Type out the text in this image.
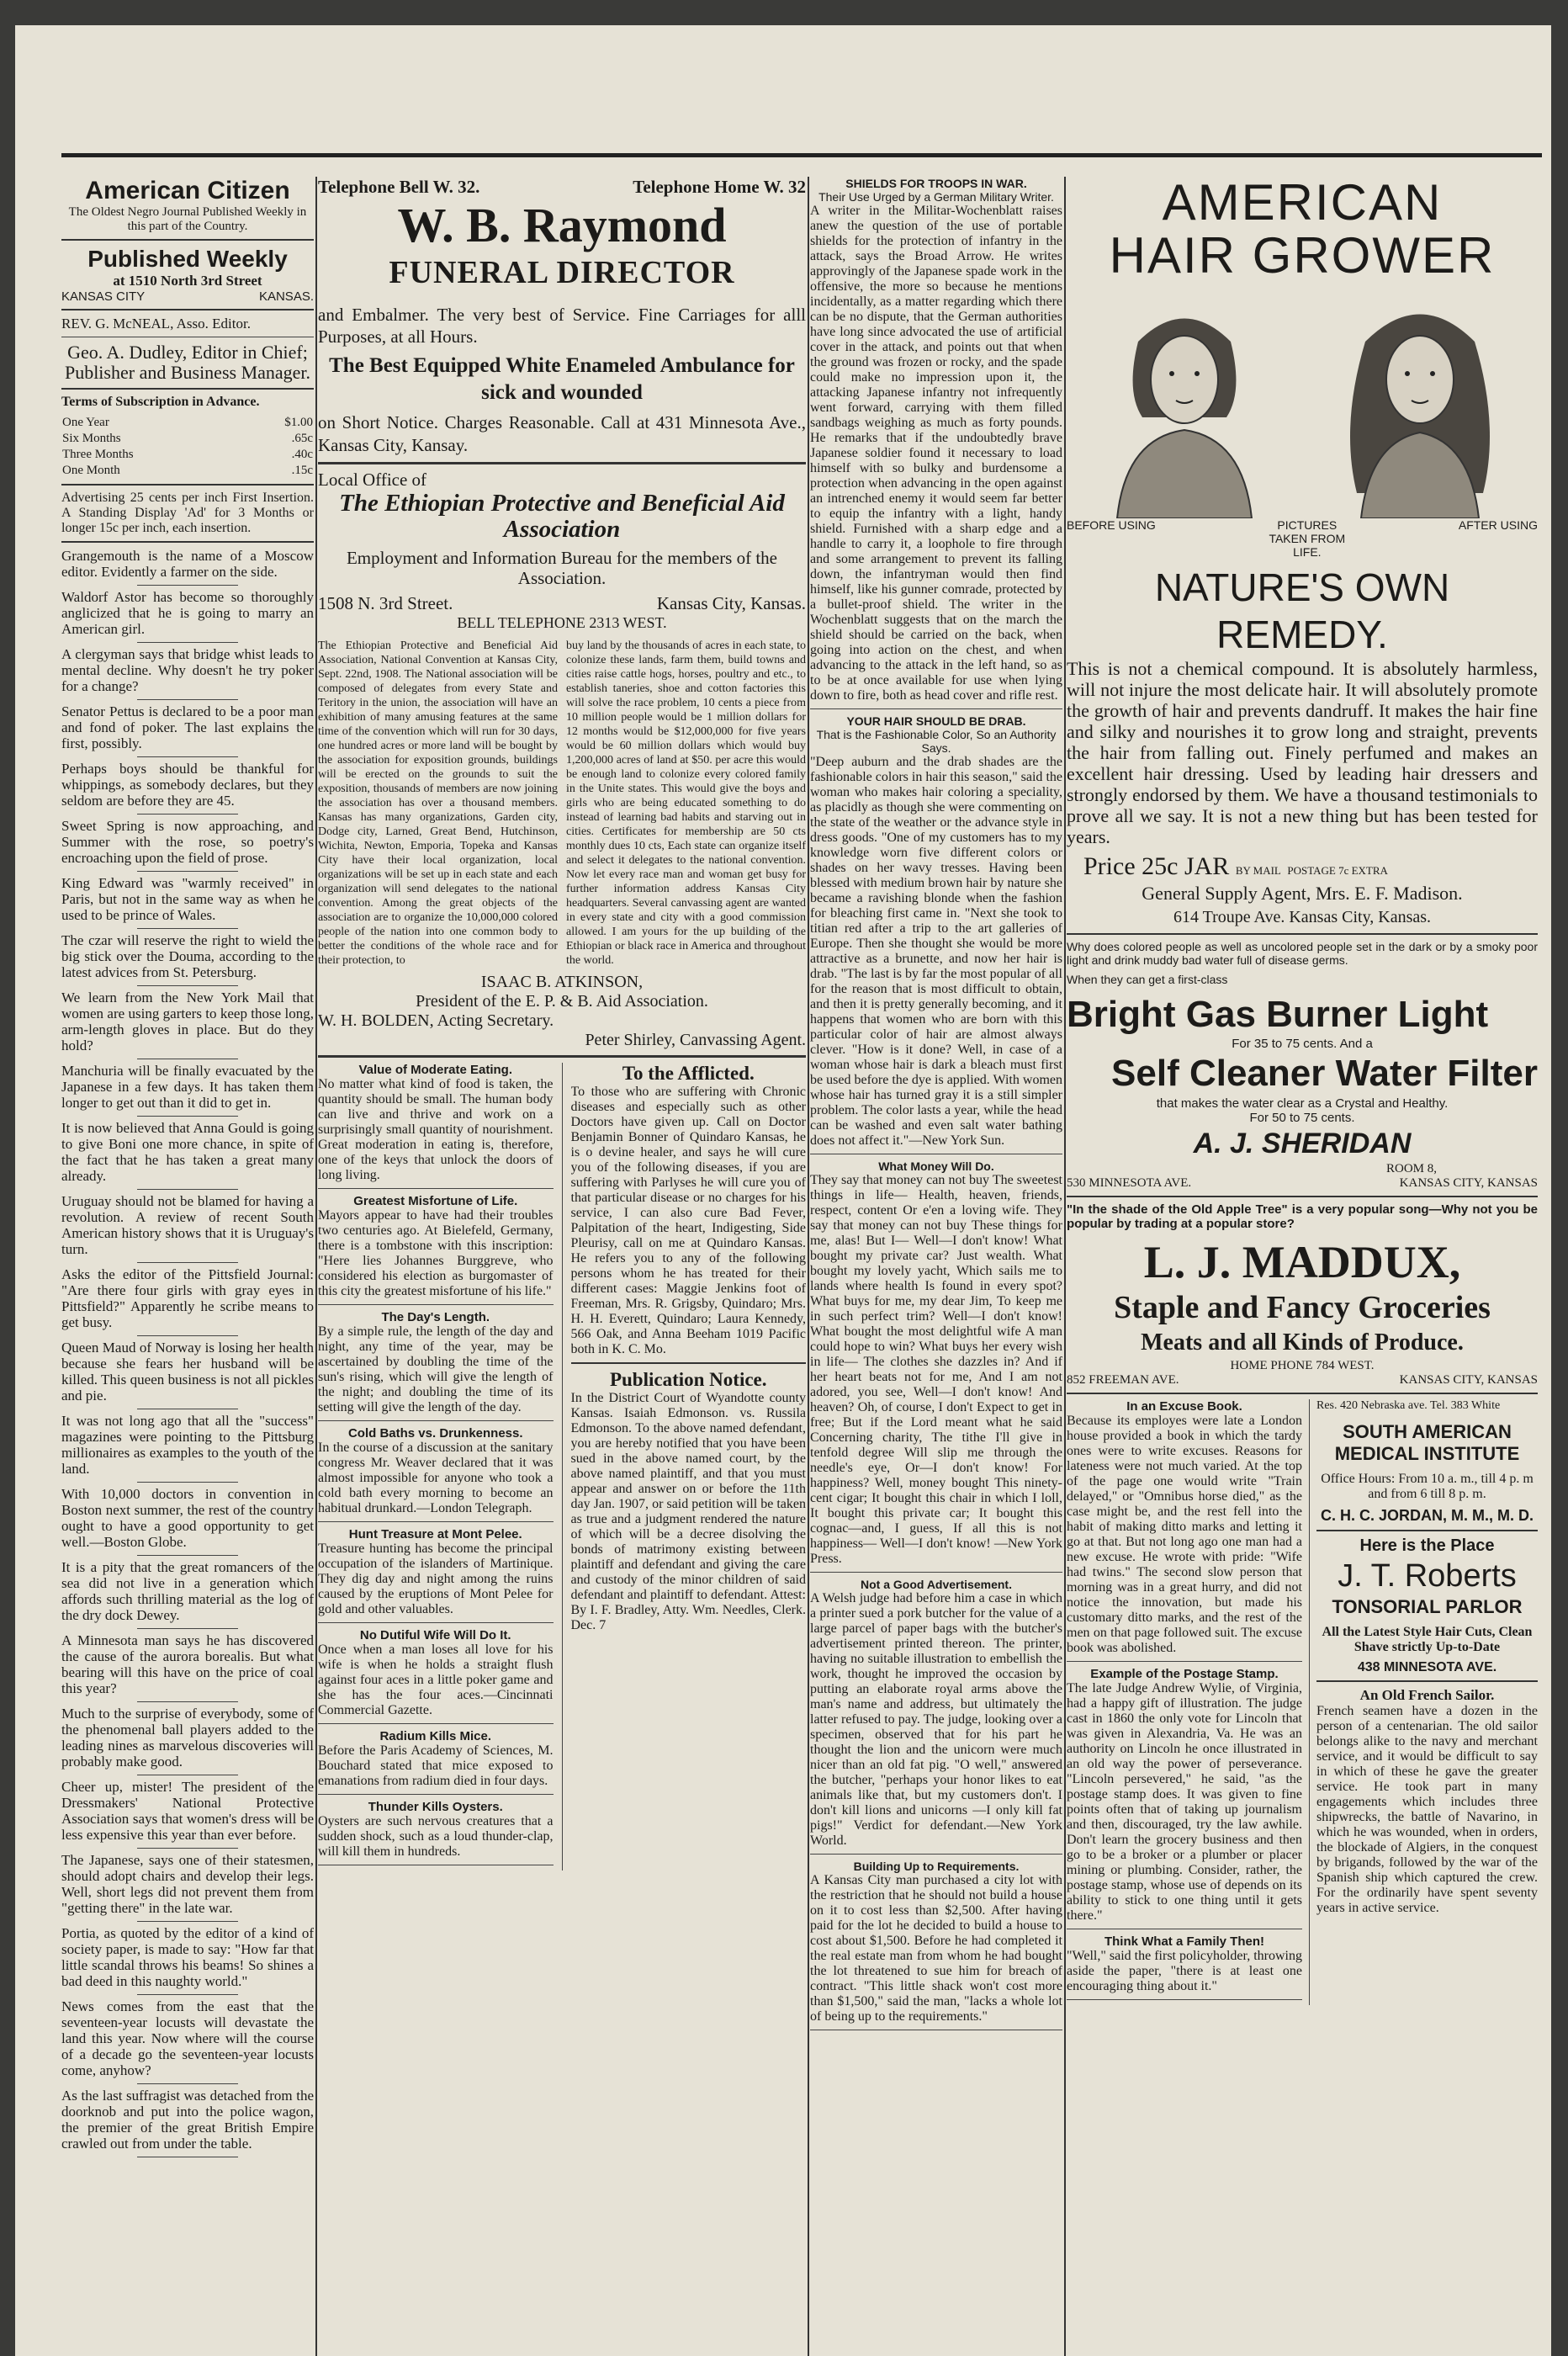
American Citizen

The Oldest Negro Journal Published Weekly in this part of the Country.

Published Weekly
at 1510 North 3rd Street
KANSAS CITY	KANSAS.

REV. G. McNEAL, Asso. Editor.

Geo. A. Dudley, Editor in Chief; Publisher and Business Manager.

Terms of Subscription in Advance.

One Year	$1.00
Six Months	.65c
Three Months	.40c
One Month	.15c

Advertising 25 cents per inch First Insertion. A Standing Display 'Ad' for 3 Months or longer 15c per inch, each insertion.

Grangemouth is the name of a Moscow editor. Evidently a farmer on the side.

Waldorf Astor has become so thoroughly anglicized that he is going to marry an American girl.

A clergyman says that bridge whist leads to mental decline. Why doesn't he try poker for a change?

Senator Pettus is declared to be a poor man and fond of poker. The last explains the first, possibly.

Perhaps boys should be thankful for whippings, as somebody declares, but they seldom are before they are 45.

Sweet Spring is now approaching, and Summer with the rose, so poetry's encroaching upon the field of prose.

King Edward was "warmly received" in Paris, but not in the same way as when he used to be prince of Wales.

The czar will reserve the right to wield the big stick over the Douma, according to the latest advices from St. Petersburg.

We learn from the New York Mail that women are using garters to keep those long, arm-length gloves in place. But do they hold?

Manchuria will be finally evacuated by the Japanese in a few days. It has taken them longer to get out than it did to get in.

It is now believed that Anna Gould is going to give Boni one more chance, in spite of the fact that he has taken a great many already.

Uruguay should not be blamed for having a revolution. A review of recent South American history shows that it is Uruguay's turn.

Asks the editor of the Pittsfield Journal: "Are there four girls with gray eyes in Pittsfield?" Apparently he scribe means to get busy.

Queen Maud of Norway is losing her health because she fears her husband will be killed. This queen business is not all pickles and pie.

It was not long ago that all the "success" magazines were pointing to the Pittsburg millionaires as examples to the youth of the land.

With 10,000 doctors in convention in Boston next summer, the rest of the country ought to have a good opportunity to get well.—Boston Globe.

It is a pity that the great romancers of the sea did not live in a generation which affords such thrilling material as the log of the dry dock Dewey.

A Minnesota man says he has discovered the cause of the aurora borealis. But what bearing will this have on the price of coal this year?

Much to the surprise of everybody, some of the phenomenal ball players added to the leading nines as marvelous discoveries will probably make good.

Cheer up, mister! The president of the Dressmakers' National Protective Association says that women's dress will be less expensive this year than ever before.

The Japanese, says one of their statesmen, should adopt chairs and develop their legs. Well, short legs did not prevent them from "getting there" in the late war.

Portia, as quoted by the editor of a kind of society paper, is made to say: "How far that little scandal throws his beams! So shines a bad deed in this naughty world."

News comes from the east that the seventeen-year locusts will devastate the land this year. Now where will the course of a decade go the seventeen-year locusts come, anyhow?

As the last suffragist was detached from the doorknob and put into the police wagon, the premier of the great British Empire crawled out from under the table.

Telephone Bell W. 32.	Telephone Home W. 32
W. B. Raymond
FUNERAL DIRECTOR

and Embalmer. The very best of Service. Fine Carriages for alll Purposes, at all Hours.

The Best Equipped White Enameled Ambulance for sick and wounded

on Short Notice. Charges Reasonable. Call at 431 Minnesota Ave., Kansas City, Kansay.

Local Office of
The Ethiopian Protective and Beneficial Aid Association
Employment and Information Bureau for the members of the Association.
1508 N. 3rd Street.	Kansas City, Kansas.
BELL TELEPHONE 2313 WEST.

The Ethiopian Protective and Beneficial Aid Association, National Convention at Kansas City, Sept. 22nd, 1908. The National association will be composed of delegates from every State and Teritory in the union, the association will have an exhibition of many amusing features at the same time of the convention which will run for 30 days, one hundred acres or more land will be bought by the association for exposition grounds, buildings will be erected on the grounds to suit the exposition, thousands of members are now joining the association has over a thousand members. Kansas has many organizations, Garden city, Dodge city, Larned, Great Bend, Hutchinson, Wichita, Newton, Emporia, Topeka and Kansas City have their local organization, local organizations will be set up in each state and each organization will send delegates to the national convention. Among the great objects of the association are to organize the 10,000,000 colored people of the nation into one common body to better the conditions of the whole race and for their protection, to

buy land by the thousands of acres in each state, to colonize these lands, farm them, build towns and cities raise cattle hogs, horses, poultry and etc., to establish taneries, shoe and cotton factories this will solve the race problem, 10 cents a piece from 10 million people would be 1 million dollars for 12 months would be $12,000,000 for five years would be 60 million dollars which would buy 1,200,000 acres of land at $50. per acre this would be enough land to colonize every colored family in the Unite states. This would give the boys and girls who are being educated something to do instead of learning bad habits and starving out in cities. Certificates for membership are 50 cts monthly dues 10 cts, Each state can organize itself and select it delegates to the national convention. Now let every race man and woman get busy for further information address Kansas City headquarters. Several canvassing agent are wanted in every state and city with a good commission allowed. I am yours for the up building of the Ethiopian or black race in America and throughout the world.

ISAAC B. ATKINSON,
President of the E. P. & B. Aid Association.
W. H. BOLDEN, Acting Secretary.
Peter Shirley, Canvassing Agent.
Value of Moderate Eating.

No matter what kind of food is taken, the quantity should be small. The human body can live and thrive and work on a surprisingly small quantity of nourishment. Great moderation in eating is, therefore, one of the keys that unlock the doors of long living.

Greatest Misfortune of Life.

Mayors appear to have had their troubles two centuries ago. At Bielefeld, Germany, there is a tombstone with this inscription: "Here lies Johannes Burggreve, who considered his election as burgomaster of this city the greatest misfortune of his life."

The Day's Length.

By a simple rule, the length of the day and night, any time of the year, may be ascertained by doubling the time of the sun's rising, which will give the length of the night; and doubling the time of its setting will give the length of the day.

Cold Baths vs. Drunkenness.

In the course of a discussion at the sanitary congress Mr. Weaver declared that it was almost impossible for anyone who took a cold bath every morning to become an habitual drunkard.—London Telegraph.

Hunt Treasure at Mont Pelee.

Treasure hunting has become the principal occupation of the islanders of Martinique. They dig day and night among the ruins caused by the eruptions of Mont Pelee for gold and other valuables.

No Dutiful Wife Will Do It.

Once when a man loses all love for his wife is when he holds a straight flush against four aces in a little poker game and she has the four aces.—Cincinnati Commercial Gazette.

Radium Kills Mice.

Before the Paris Academy of Sciences, M. Bouchard stated that mice exposed to emanations from radium died in four days.

Thunder Kills Oysters.

Oysters are such nervous creatures that a sudden shock, such as a loud thunder-clap, will kill them in hundreds.

To the Afflicted.

To those who are suffering with Chronic diseases and especially such as other Doctors have given up. Call on Doctor Benjamin Bonner of Quindaro Kansas, he is o devine healer, and says he will cure you of the following diseases, if you are suffering with Parlyses he will cure you of that particular disease or no charges for his service, I can also cure Bad Fever, Palpitation of the heart, Indigesting, Side Pleurisy, call on me at Quindaro Kansas. He refers you to any of the following persons whom he has treated for their different cases: Maggie Jenkins foot of Freeman, Mrs. R. Grigsby, Quindaro; Mrs. H. H. Everett, Quindaro; Laura Kennedy, 566 Oak, and Anna Beeham 1019 Pacific both in K. C. Mo.

Publication Notice.

In the District Court of Wyandotte county Kansas. Isaiah Edmonson. vs. Russila Edmonson. To the above named defendant, you are hereby notified that you have been sued in the above named court, by the above named plaintiff, and that you must appear and answer on or before the 11th day Jan. 1907, or said petition will be taken as true and a judgment rendered the nature of which will be a decree disolving the bonds of matrimony existing between plaintiff and defendant and giving the care and custody of the minor children of said defendant and plaintiff to defendant. Attest: By I. F. Bradley, Atty. Wm. Needles, Clerk. Dec. 7

SHIELDS FOR TROOPS IN WAR.
Their Use Urged by a German Military Writer.

A writer in the Militar-Wochenblatt raises anew the question of the use of portable shields for the protection of infantry in the attack, says the Broad Arrow. He writes approvingly of the Japanese spade work in the offensive, the more so because he mentions incidentally, as a matter regarding which there can be no dispute, that the German authorities have long since advocated the use of artificial cover in the attack, and points out that when the ground was frozen or rocky, and the spade could make no impression upon it, the attacking Japanese infantry not infrequently went forward, carrying with them filled sandbags weighing as much as forty pounds. He remarks that if the undoubtedly brave Japanese soldier found it necessary to load himself with so bulky and burdensome a protection when advancing in the open against an intrenched enemy it would seem far better to equip the infantry with a light, handy shield. Furnished with a sharp edge and a handle to carry it, a loophole to fire through and some arrangement to prevent its falling down, the infantryman would then find himself, like his gunner comrade, protected by a bullet-proof shield. The writer in the Wochenblatt suggests that on the march the shield should be carried on the back, when going into action on the chest, and when advancing to the attack in the left hand, so as to be at once available for use when lying down to fire, both as head cover and rifle rest.

YOUR HAIR SHOULD BE DRAB.
That is the Fashionable Color, So an Authority Says.

"Deep auburn and the drab shades are the fashionable colors in hair this season," said the woman who makes hair coloring a speciality, as placidly as though she were commenting on the state of the weather or the advance style in dress goods. "One of my customers has to my knowledge worn five different colors or shades on her wavy tresses. Having been blessed with medium brown hair by nature she became a ravishing blonde when the fashion for bleaching first came in. "Next she took to titian red after a trip to the art galleries of Europe. Then she thought she would be more attractive as a brunette, and now her hair is drab. "The last is by far the most popular of all for the reason that is most difficult to obtain, and then it is pretty generally becoming, and it happens that women who are born with this particular color of hair are almost always clever. "How is it done? Well, in case of a woman whose hair is dark a bleach must first be used before the dye is applied. With women whose hair has turned gray it is a still simpler problem. The color lasts a year, while the head can be washed and even salt water bathing does not affect it."—New York Sun.

What Money Will Do.

They say that money can not buy The sweetest things in life— Health, heaven, friends, respect, content Or e'en a loving wife. They say that money can not buy These things for me, alas! But I— Well—I don't know! What bought my private car? Just wealth. What bought my lovely yacht, Which sails me to lands where health Is found in every spot? What buys for me, my dear Jim, To keep me in such perfect trim? Well—I don't know! What bought the most delightful wife A man could hope to win? What buys her every wish in life— The clothes she dazzles in? And if her heart beats not for me, And I am not adored, you see, Well—I don't know! And heaven? Oh, of course, I don't Expect to get in free; But if the Lord meant what he said Concerning charity, The tithe I'll give in tenfold degree Will slip me through the needle's eye, Or—I don't know! For happiness? Well, money bought This ninety-cent cigar; It bought this chair in which I loll, It bought this private car; It bought this cognac—and, I guess, If all this is not happiness— Well—I don't know! —New York Press.

Not a Good Advertisement.

A Welsh judge had before him a case in which a printer sued a pork butcher for the value of a large parcel of paper bags with the butcher's advertisement printed thereon. The printer, having no suitable illustration to embellish the work, thought he improved the occasion by putting an elaborate royal arms above the man's name and address, but ultimately the latter refused to pay. The judge, looking over a specimen, observed that for his part he thought the lion and the unicorn were much nicer than an old fat pig. "O well," answered the butcher, "perhaps your honor likes to eat animals like that, but my customers don't. I don't kill lions and unicorns —I only kill fat pigs!" Verdict for defendant.—New York World.

Building Up to Requirements.

A Kansas City man purchased a city lot with the restriction that he should not build a house on it to cost less than $2,500. After having paid for the lot he decided to build a house to cost about $1,500. Before he had completed it the real estate man from whom he had bought the lot threatened to sue him for breach of contract. "This little shack won't cost more than $1,500," said the man, "lacks a whole lot of being up to the requirements."

AMERICAN
HAIR GROWER
BEFORE USING	PICTURES TAKEN FROM LIFE.
AFTER USING
NATURE'S OWN REMEDY.

This is not a chemical compound. It is absolutely harmless, will not injure the most delicate hair. It will absolutely promote the growth of hair and prevents dandruff. It makes the hair fine and silky and nourishes it to grow long and straight, prevents the hair from falling out. Finely perfumed and makes an excellent hair dressing. Used by leading hair dressers and strongly endorsed by them. We have a thousand testimonials to prove all we say. It is not a new thing but has been tested for years.

Price 25c JAR BY MAIL POSTAGE 7c EXTRA
General Supply Agent, Mrs. E. F. Madison.
614 Troupe Ave. Kansas City, Kansas.

Why does colored people as well as uncolored people set in the dark or by a smoky poor light and drink muddy bad water full of disease germs.

When they can get a first-class

Bright Gas Burner Light
For 35 to 75 cents. And a
Self Cleaner Water Filter
that makes the water clear as a Crystal and Healthy.
For 50 to 75 cents.
A. J. SHERIDAN
ROOM 8,
530 MINNESOTA AVE.	KANSAS CITY, KANSAS

"In the shade of the Old Apple Tree" is a very popular song—Why not you be popular by trading at a popular store?

L. J. MADDUX,
Staple and Fancy Groceries
Meats and all Kinds of Produce.
HOME PHONE 784 WEST.
852 FREEMAN AVE.	KANSAS CITY, KANSAS
In an Excuse Book.

Because its employes were late a London house provided a book in which the tardy ones were to write excuses. Reasons for lateness were not much varied. At the top of the page one would write "Train delayed," or "Omnibus horse died," as the case might be, and the rest fell into the habit of making ditto marks and letting it go at that. But not long ago one man had a new excuse. He wrote with pride: "Wife had twins." The second slow person that morning was in a great hurry, and did not notice the innovation, but made his customary ditto marks, and the rest of the men on that page followed suit. The excuse book was abolished.

Example of the Postage Stamp.

The late Judge Andrew Wylie, of Virginia, had a happy gift of illustration. The judge cast in 1860 the only vote for Lincoln that was given in Alexandria, Va. He was an authority on Lincoln he once illustrated in an old way the power of perseverance. "Lincoln persevered," he said, "as the postage stamp does. It was given to fine points often that of taking up journalism and then, discouraged, try the law awhile. Don't learn the grocery business and then go to be a broker or a plumber or placer mining or plumbing. Consider, rather, the postage stamp, whose use of depends on its ability to stick to one thing until it gets there."

Think What a Family Then!

"Well," said the first policyholder, throwing aside the paper, "there is at least one encouraging thing about it."

Res. 420 Nebraska ave. Tel. 383 White
SOUTH AMERICAN MEDICAL INSTITUTE

Office Hours: From 10 a. m., till 4 p. m and from 6 till 8 p. m.

C. H. C. JORDAN, M. M., M. D.
Here is the Place
J. T. Roberts
TONSORIAL PARLOR

All the Latest Style Hair Cuts, Clean Shave strictly Up-to-Date

438 MINNESOTA AVE.
An Old French Sailor.

French seamen have a dozen in the person of a centenarian. The old sailor belongs alike to the navy and merchant service, and it would be difficult to say in which of these he gave the greater service. He took part in many engagements which includes three shipwrecks, the battle of Navarino, in which he was wounded, when in orders, the blockade of Algiers, in the conquest by brigands, followed by the war of the Spanish ship which captured the crew. For the ordinarily have spent seventy years in active service.
